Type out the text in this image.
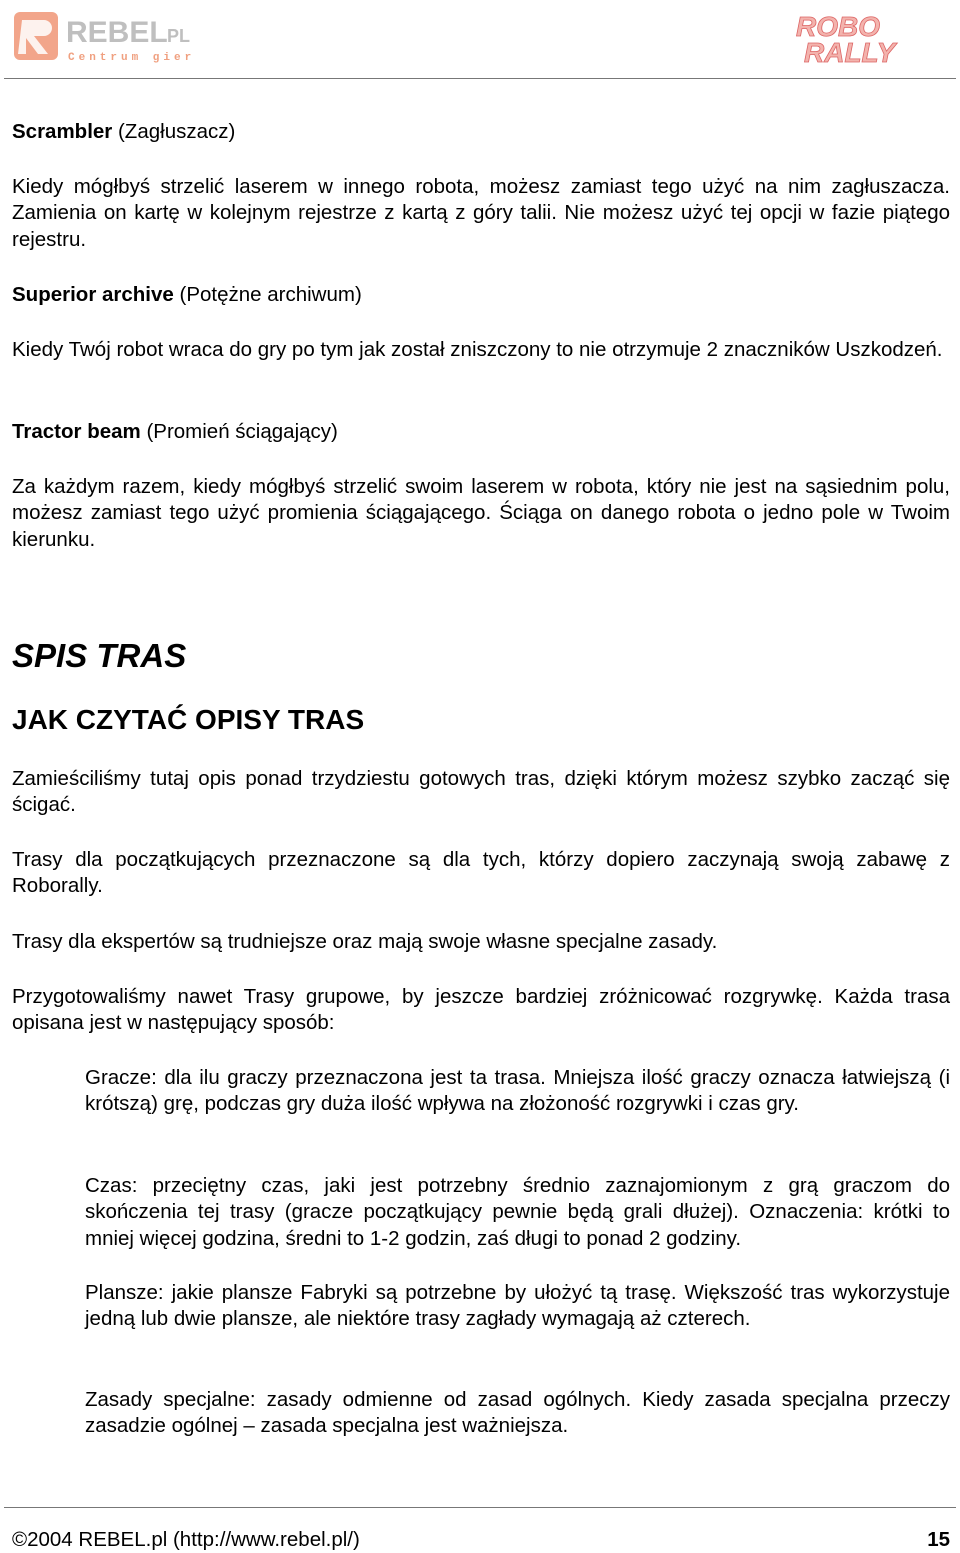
REBEL
.PL
Centrum gier
ROBO
RALLY
Scrambler (Zagłuszacz)
Kiedy mógłbyś strzelić laserem w innego robota, możesz zamiast tego użyć na nim zagłuszacza. Zamienia on kartę w kolejnym rejestrze z kartą z góry talii. Nie możesz użyć tej opcji w fazie piątego rejestru.
Superior archive (Potężne archiwum)
Kiedy Twój robot wraca do gry po tym jak został zniszczony to nie otrzymuje 2 znaczników Uszkodzeń.
Tractor beam (Promień ściągający)
Za każdym razem, kiedy mógłbyś strzelić swoim laserem w robota, który nie jest na sąsiednim polu, możesz zamiast tego użyć promienia ściągającego. Ściąga on danego robota o jedno pole w Twoim kierunku.
SPIS TRAS
JAK CZYTAĆ OPISY TRAS
Zamieściliśmy tutaj opis ponad trzydziestu gotowych tras, dzięki którym możesz szybko zacząć się ścigać.
Trasy dla początkujących przeznaczone są dla tych, którzy dopiero zaczynają swoją zabawę z Roborally.
Trasy dla ekspertów są trudniejsze oraz mają swoje własne specjalne zasady.
Przygotowaliśmy nawet Trasy grupowe, by jeszcze bardziej zróżnicować rozgrywkę. Każda trasa opisana jest w następujący sposób:
Gracze: dla ilu graczy przeznaczona jest ta trasa. Mniejsza ilość graczy oznacza łatwiejszą (i krótszą) grę, podczas gry duża ilość wpływa na złożoność rozgrywki i czas gry.
Czas: przeciętny czas, jaki jest potrzebny średnio zaznajomionym z grą graczom do skończenia tej trasy (gracze początkujący pewnie będą grali dłużej). Oznaczenia: krótki to mniej więcej godzina, średni to 1-2 godzin, zaś długi to ponad 2 godziny.
Plansze: jakie plansze Fabryki są potrzebne by ułożyć tą trasę. Większość tras wykorzystuje jedną lub dwie plansze, ale niektóre trasy zagłady wymagają aż czterech.
Zasady specjalne: zasady odmienne od zasad ogólnych. Kiedy zasada specjalna przeczy zasadzie ogólnej – zasada specjalna jest ważniejsza.
©2004 REBEL.pl (http://www.rebel.pl/)	15
